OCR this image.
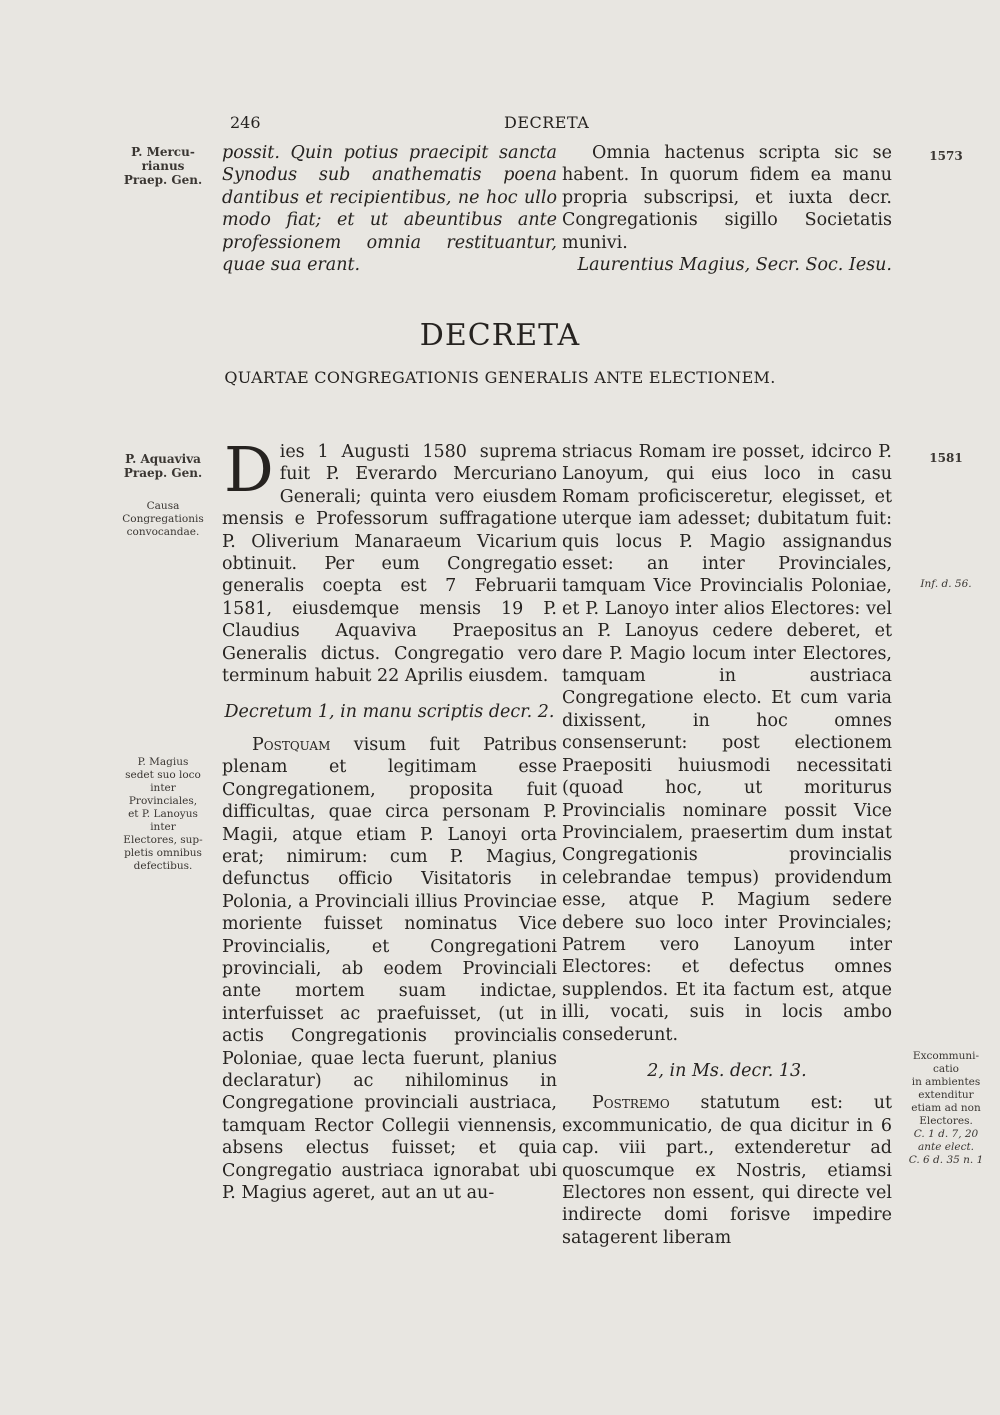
246	DECRETA
P. Mercu-
rianus
Praep. Gen.
P. Aquaviva
Praep. Gen.
Causa
Congregationis
convocandae.
P. Magius
sedet suo loco
inter
Provinciales,
et P. Lanoyus
inter
Electores, sup-
pletis omnibus
defectibus.
1573
1581
Inf. d. 56.
Excommuni-
catio
in ambientes
extenditur
etiam ad non
Electores.
C. 1 d. 7, 20
ante elect.
C. 6 d. 35 n. 1

possit. Quin potius praecipit sancta Synodus sub anathematis poena dantibus et recipientibus, ne hoc ullo modo fiat; et ut abeuntibus ante professionem omnia restituantur, quae sua erant.

Omnia hactenus scripta sic se habent. In quorum fidem ea manu propria subscripsi, et iuxta decr. Congregationis sigillo Societatis munivi.

Laurentius Magius, Secr. Soc. Iesu.

DECRETA
QUARTAE CONGREGATIONIS GENERALIS ANTE ELECTIONEM.

Dies 1 Augusti 1580 suprema fuit P. Everardo Mercuriano Generali; quinta vero eiusdem mensis e Professorum suffragatione P. Oliverium Manaraeum Vicarium obtinuit. Per eum Congregatio generalis coepta est 7 Februarii 1581, eiusdemque mensis 19 P. Claudius Aquaviva Praepositus Generalis dictus. Congregatio vero terminum habuit 22 Aprilis eiusdem.

Decretum 1, in manu scriptis decr. 2.

Postquam visum fuit Patribus plenam et legitimam esse Congregationem, proposita fuit difficultas, quae circa personam P. Magii, atque etiam P. Lanoyi orta erat; nimirum: cum P. Magius, defunctus officio Visitatoris in Polonia, a Provinciali illius Provinciae moriente fuisset nominatus Vice Provincialis, et Congregationi provinciali, ab eodem Provinciali ante mortem suam indictae, interfuisset ac praefuisset, (ut in actis Congregationis provincialis Poloniae, quae lecta fuerunt, planius declaratur) ac nihilominus in Congregatione provinciali austriaca, tamquam Rector Collegii viennensis, absens electus fuisset; et quia Congregatio austriaca ignorabat ubi P. Magius ageret, aut an ut au-

striacus Romam ire posset, idcirco P. Lanoyum, qui eius loco in casu Romam proficisceretur, elegisset, et uterque iam adesset; dubitatum fuit: quis locus P. Magio assignandus esset: an inter Provinciales, tamquam Vice Provincialis Poloniae, et P. Lanoyo inter alios Electores: vel an P. Lanoyus cedere deberet, et dare P. Magio locum inter Electores, tamquam in austriaca Congregatione electo. Et cum varia dixissent, in hoc omnes consenserunt: post electionem Praepositi huiusmodi necessitati (quoad hoc, ut moriturus Provincialis nominare possit Vice Provincialem, praesertim dum instat Congregationis provincialis celebrandae tempus) providendum esse, atque P. Magium sedere debere suo loco inter Provinciales; Patrem vero Lanoyum inter Electores: et defectus omnes supplendos. Et ita factum est, atque illi, vocati, suis in locis ambo consederunt.

2, in Ms. decr. 13.

Postremo statutum est: ut excommunicatio, de qua dicitur in 6 cap. viii part., extenderetur ad quoscumque ex Nostris, etiamsi Electores non essent, qui directe vel indirecte domi forisve impedire satagerent liberam
